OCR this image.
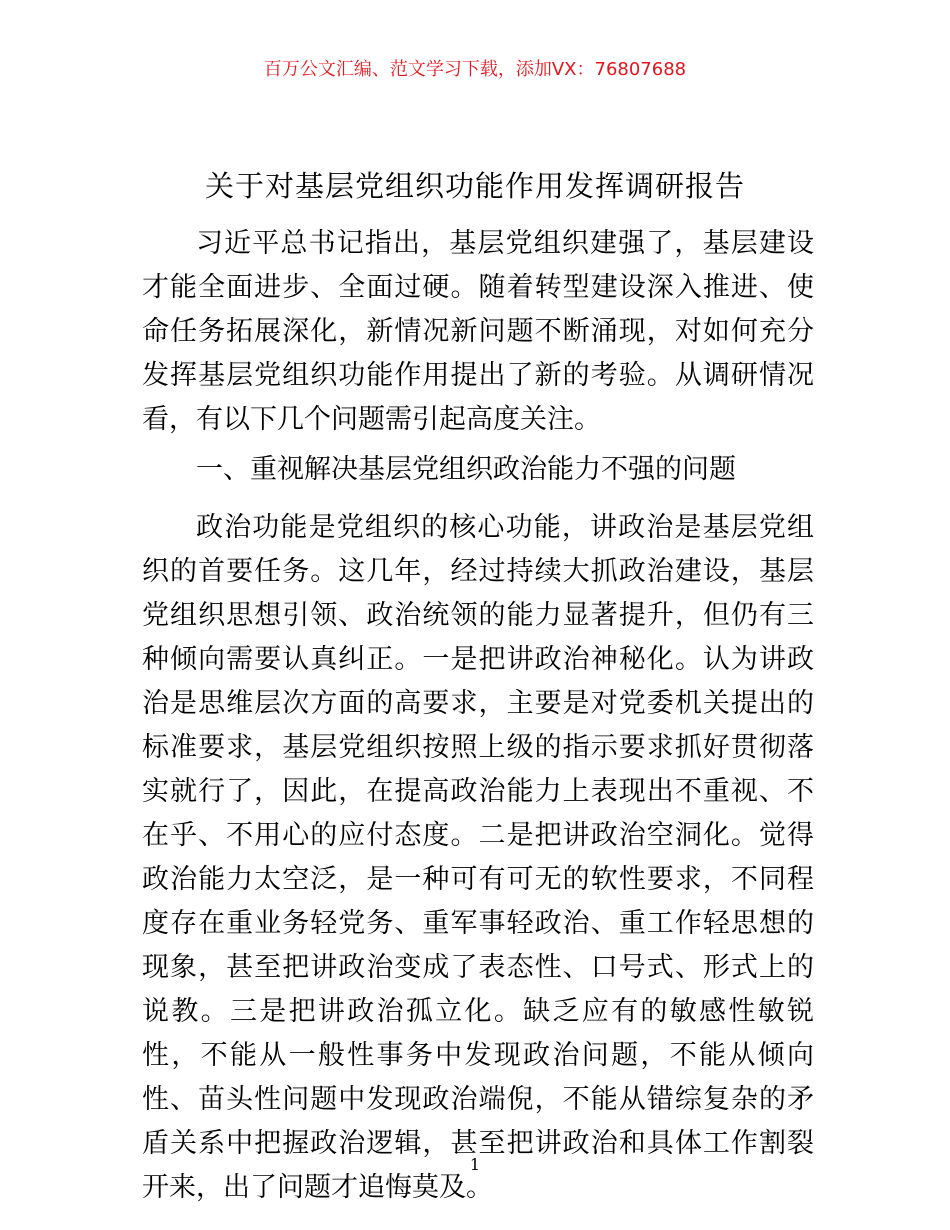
百万公文汇编、范文学习下载，添加VX：76807688
关于对基层党组织功能作用发挥调研报告

习近平总书记指出，基层党组织建强了，基层建设才能全面进步、全面过硬。随着转型建设深入推进、使命任务拓展深化，新情况新问题不断涌现，对如何充分发挥基层党组织功能作用提出了新的考验。从调研情况看，有以下几个问题需引起高度关注。

一、重视解决基层党组织政治能力不强的问题

政治功能是党组织的核心功能，讲政治是基层党组织的首要任务。这几年，经过持续大抓政治建设，基层党组织思想引领、政治统领的能力显著提升，但仍有三种倾向需要认真纠正。一是把讲政治神秘化。认为讲政治是思维层次方面的高要求，主要是对党委机关提出的标准要求，基层党组织按照上级的指示要求抓好贯彻落实就行了，因此，在提高政治能力上表现出不重视、不在乎、不用心的应付态度。二是把讲政治空洞化。觉得政治能力太空泛，是一种可有可无的软性要求，不同程度存在重业务轻党务、重军事轻政治、重工作轻思想的现象，甚至把讲政治变成了表态性、口号式、形式上的说教。三是把讲政治孤立化。缺乏应有的敏感性敏锐性，不能从一般性事务中发现政治问题，不能从倾向性、苗头性问题中发现政治端倪，不能从错综复杂的矛盾关系中把握政治逻辑，甚至把讲政治和具体工作割裂开来，出了问题才追悔莫及。

1
